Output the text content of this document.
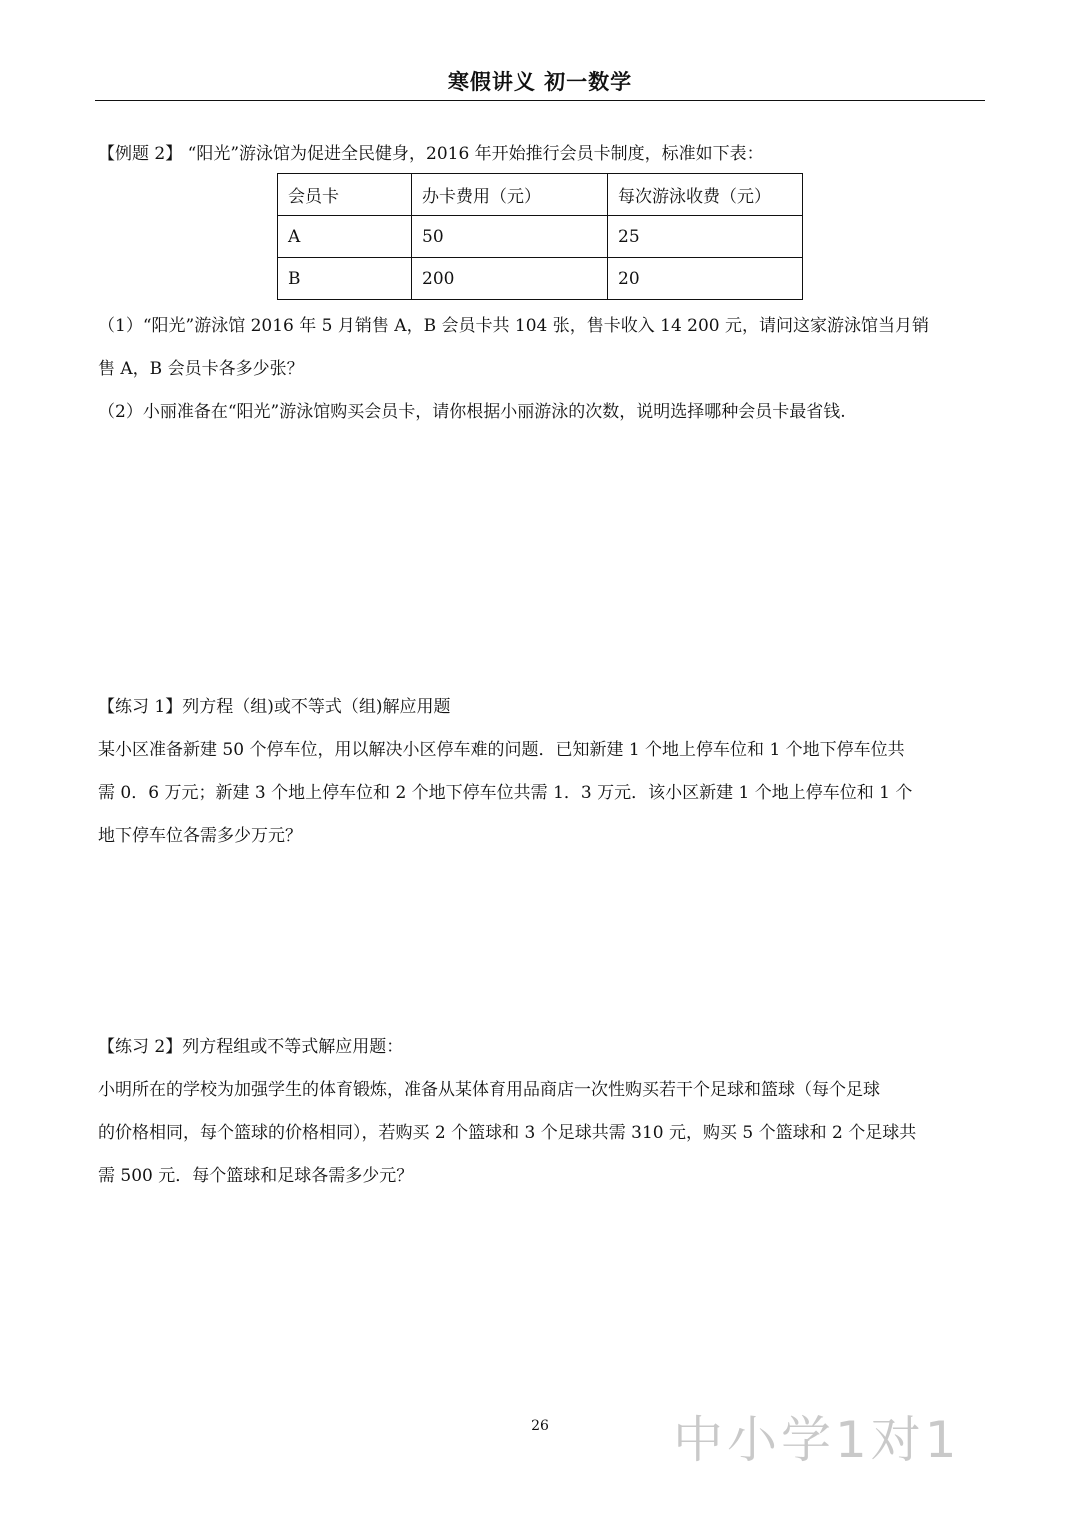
寒假讲义 初一数学
【例题 2】 “阳光”游泳馆为促进全民健身，2016 年开始推行会员卡制度，标准如下表：
会员卡	办卡费用（元）	每次游泳收费（元）
A	50	25
B	200	20
（1）“阳光”游泳馆 2016 年 5 月销售 A，B 会员卡共 104 张，售卡收入 14 200 元，请问这家游泳馆当月销
售 A，B 会员卡各多少张？
（2）小丽准备在“阳光”游泳馆购买会员卡，请你根据小丽游泳的次数，说明选择哪种会员卡最省钱.
【练习 1】列方程（组)或不等式（组)解应用题
某小区准备新建 50 个停车位，用以解决小区停车难的问题．已知新建 1 个地上停车位和 1 个地下停车位共
需 0．6 万元；新建 3 个地上停车位和 2 个地下停车位共需 1．3 万元．该小区新建 1 个地上停车位和 1 个
地下停车位各需多少万元？
【练习 2】列方程组或不等式解应用题：
小明所在的学校为加强学生的体育锻炼，准备从某体育用品商店一次性购买若干个足球和篮球（每个足球
的价格相同，每个篮球的价格相同），若购买 2 个篮球和 3 个足球共需 310 元，购买 5 个篮球和 2 个足球共
需 500 元．每个篮球和足球各需多少元？
26	中小学1对1
